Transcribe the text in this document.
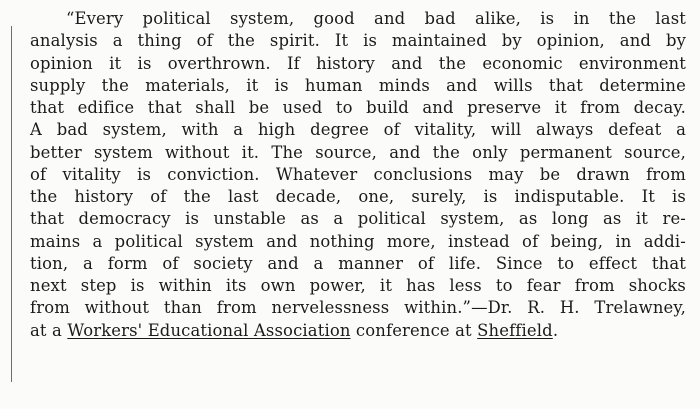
“Every political system, good and bad alike, is in the last
analysis a thing of the spirit. It is maintained by opinion, and by
opinion it is overthrown. If history and the economic environment
supply the materials, it is human minds and wills that determine
that edifice that shall be used to build and preserve it from decay.
A bad system, with a high degree of vitality, will always defeat a
better system without it. The source, and the only permanent source,
of vitality is conviction. Whatever conclusions may be drawn from
the history of the last decade, one, surely, is indisputable. It is
that democracy is unstable as a political system, as long as it re-
mains a political system and nothing more, instead of being, in addi-
tion, a form of society and a manner of life. Since to effect that
next step is within its own power, it has less to fear from shocks
from without than from nervelessness within.”—Dr. R. H. Trelawney,
at a Workers' Educational Association conference at Sheffield.
